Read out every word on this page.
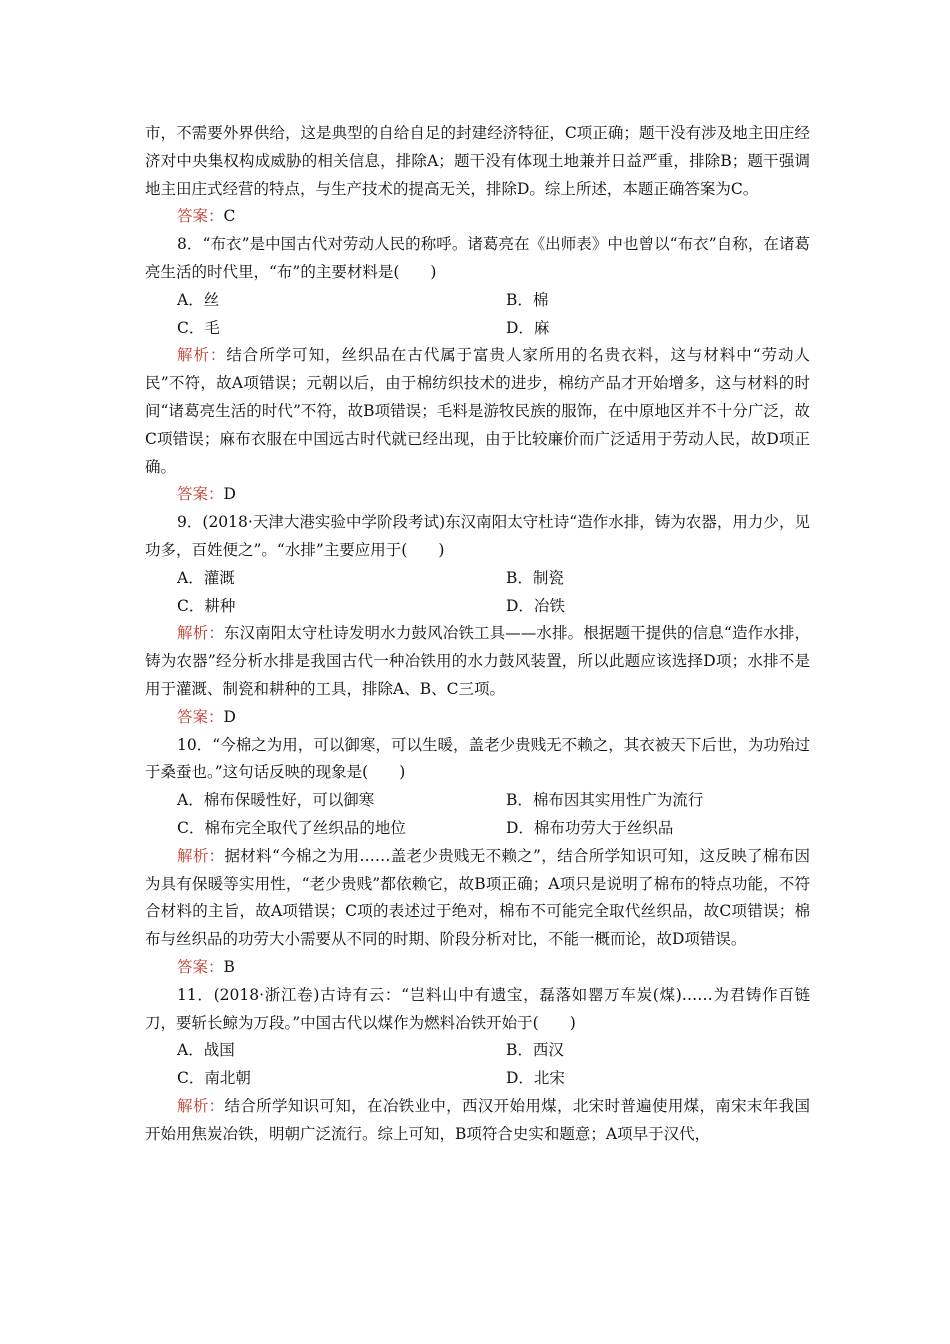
市，不需要外界供给，这是典型的自给自足的封建经济特征，C项正确；题干没有涉及地主田庄经济对中央集权构成威胁的相关信息，排除A；题干没有体现土地兼并日益严重，排除B；题干强调地主田庄式经营的特点，与生产技术的提高无关，排除D。综上所述，本题正确答案为C。

答案：C

8．“布衣”是中国古代对劳动人民的称呼。诸葛亮在《出师表》中也曾以“布衣”自称，在诸葛亮生活的时代里，“布”的主要材料是(　　)

A．丝	B．棉
C．毛	D．麻

解析：结合所学可知，丝织品在古代属于富贵人家所用的名贵衣料，这与材料中“劳动人民”不符，故A项错误；元朝以后，由于棉纺织技术的进步，棉纺产品才开始增多，这与材料的时间“诸葛亮生活的时代”不符，故B项错误；毛料是游牧民族的服饰，在中原地区并不十分广泛，故C项错误；麻布衣服在中国远古时代就已经出现，由于比较廉价而广泛适用于劳动人民，故D项正确。

答案：D

9．(2018·天津大港实验中学阶段考试)东汉南阳太守杜诗“造作水排，铸为农器，用力少，见功多，百姓便之”。“水排”主要应用于(　　)

A．灌溉	B．制瓷
C．耕种	D．冶铁

解析：东汉南阳太守杜诗发明水力鼓风冶铁工具——水排。根据题干提供的信息“造作水排，铸为农器”经分析水排是我国古代一种冶铁用的水力鼓风装置，所以此题应该选择D项；水排不是用于灌溉、制瓷和耕种的工具，排除A、B、C三项。

答案：D

10．“今棉之为用，可以御寒，可以生暖，盖老少贵贱无不赖之，其衣被天下后世，为功殆过于桑蚕也。”这句话反映的现象是(　　)

A．棉布保暖性好，可以御寒	B．棉布因其实用性广为流行
C．棉布完全取代了丝织品的地位	D．棉布功劳大于丝织品

解析：据材料“今棉之为用……盖老少贵贱无不赖之”，结合所学知识可知，这反映了棉布因为具有保暖等实用性，“老少贵贱”都依赖它，故B项正确；A项只是说明了棉布的特点功能，不符合材料的主旨，故A项错误；C项的表述过于绝对，棉布不可能完全取代丝织品，故C项错误；棉布与丝织品的功劳大小需要从不同的时期、阶段分析对比，不能一概而论，故D项错误。

答案：B

11．(2018·浙江卷)古诗有云：“岂料山中有遗宝，磊落如罂万车炭(煤)……为君铸作百链刀，要斩长鲸为万段。”中国古代以煤作为燃料冶铁开始于(　　)

A．战国	B．西汉
C．南北朝	D．北宋

解析：结合所学知识可知，在冶铁业中，西汉开始用煤，北宋时普遍使用煤，南宋末年我国开始用焦炭冶铁，明朝广泛流行。综上可知，B项符合史实和题意；A项早于汉代，
